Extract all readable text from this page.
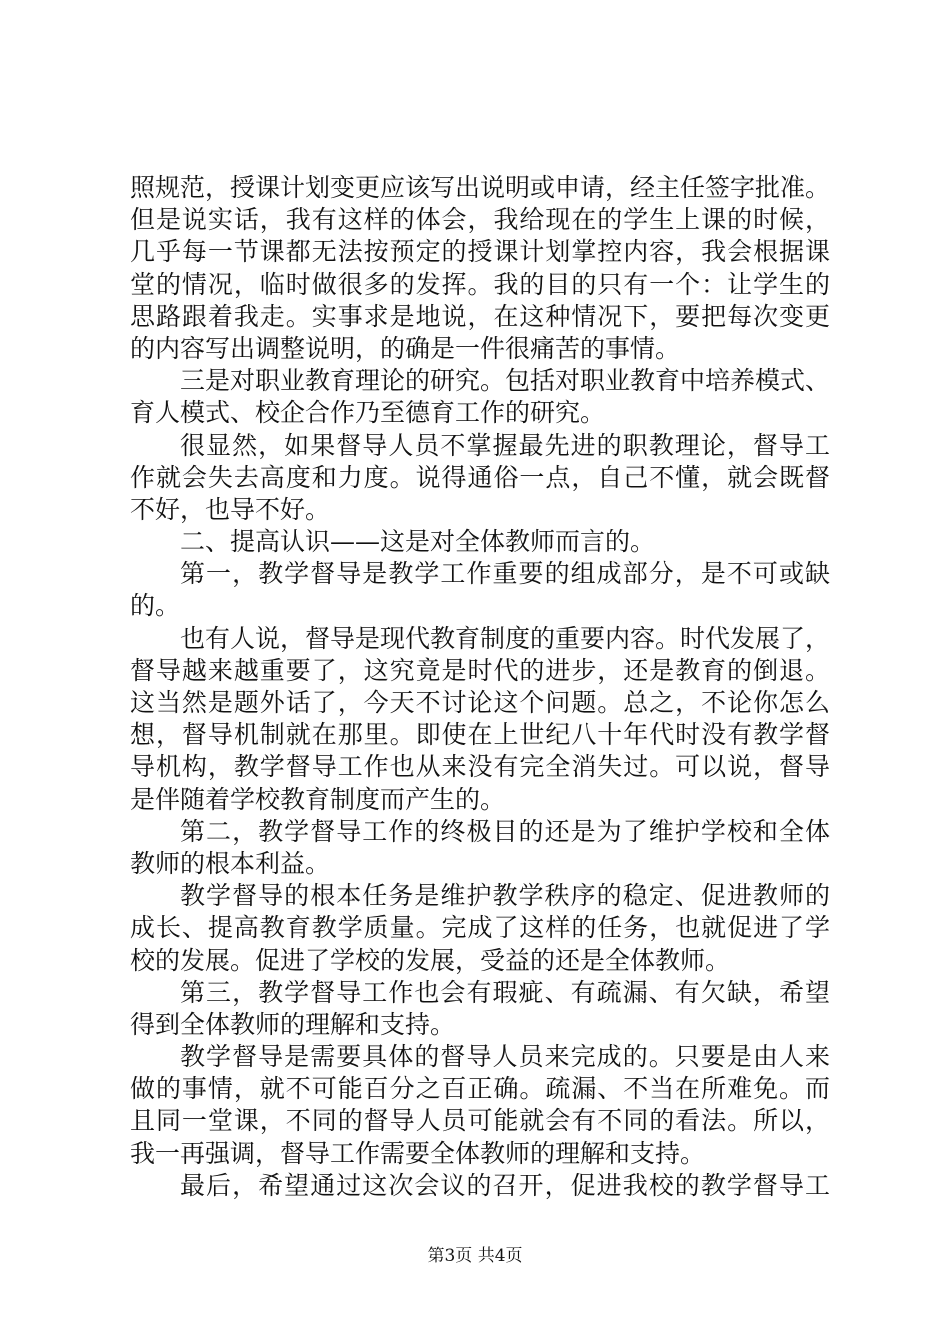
照规范，授课计划变更应该写出说明或申请，经主任签字批准。
但是说实话，我有这样的体会，我给现在的学生上课的时候，
几乎每一节课都无法按预定的授课计划掌控内容，我会根据课
堂的情况，临时做很多的发挥。我的目的只有一个：让学生的
思路跟着我走。实事求是地说，在这种情况下，要把每次变更
的内容写出调整说明，的确是一件很痛苦的事情。
三是对职业教育理论的研究。包括对职业教育中培养模式、
育人模式、校企合作乃至德育工作的研究。
很显然，如果督导人员不掌握最先进的职教理论，督导工
作就会失去高度和力度。说得通俗一点，自己不懂，就会既督
不好，也导不好。
二、提高认识——这是对全体教师而言的。
第一，教学督导是教学工作重要的组成部分，是不可或缺
的。
也有人说，督导是现代教育制度的重要内容。时代发展了，
督导越来越重要了，这究竟是时代的进步，还是教育的倒退。
这当然是题外话了，今天不讨论这个问题。总之，不论你怎么
想，督导机制就在那里。即使在上世纪八十年代时没有教学督
导机构，教学督导工作也从来没有完全消失过。可以说，督导
是伴随着学校教育制度而产生的。
第二，教学督导工作的终极目的还是为了维护学校和全体
教师的根本利益。
教学督导的根本任务是维护教学秩序的稳定、促进教师的
成长、提高教育教学质量。完成了这样的任务，也就促进了学
校的发展。促进了学校的发展，受益的还是全体教师。
第三，教学督导工作也会有瑕疵、有疏漏、有欠缺，希望
得到全体教师的理解和支持。
教学督导是需要具体的督导人员来完成的。只要是由人来
做的事情，就不可能百分之百正确。疏漏、不当在所难免。而
且同一堂课，不同的督导人员可能就会有不同的看法。所以，
我一再强调，督导工作需要全体教师的理解和支持。
最后，希望通过这次会议的召开，促进我校的教学督导工
第3页 共4页
